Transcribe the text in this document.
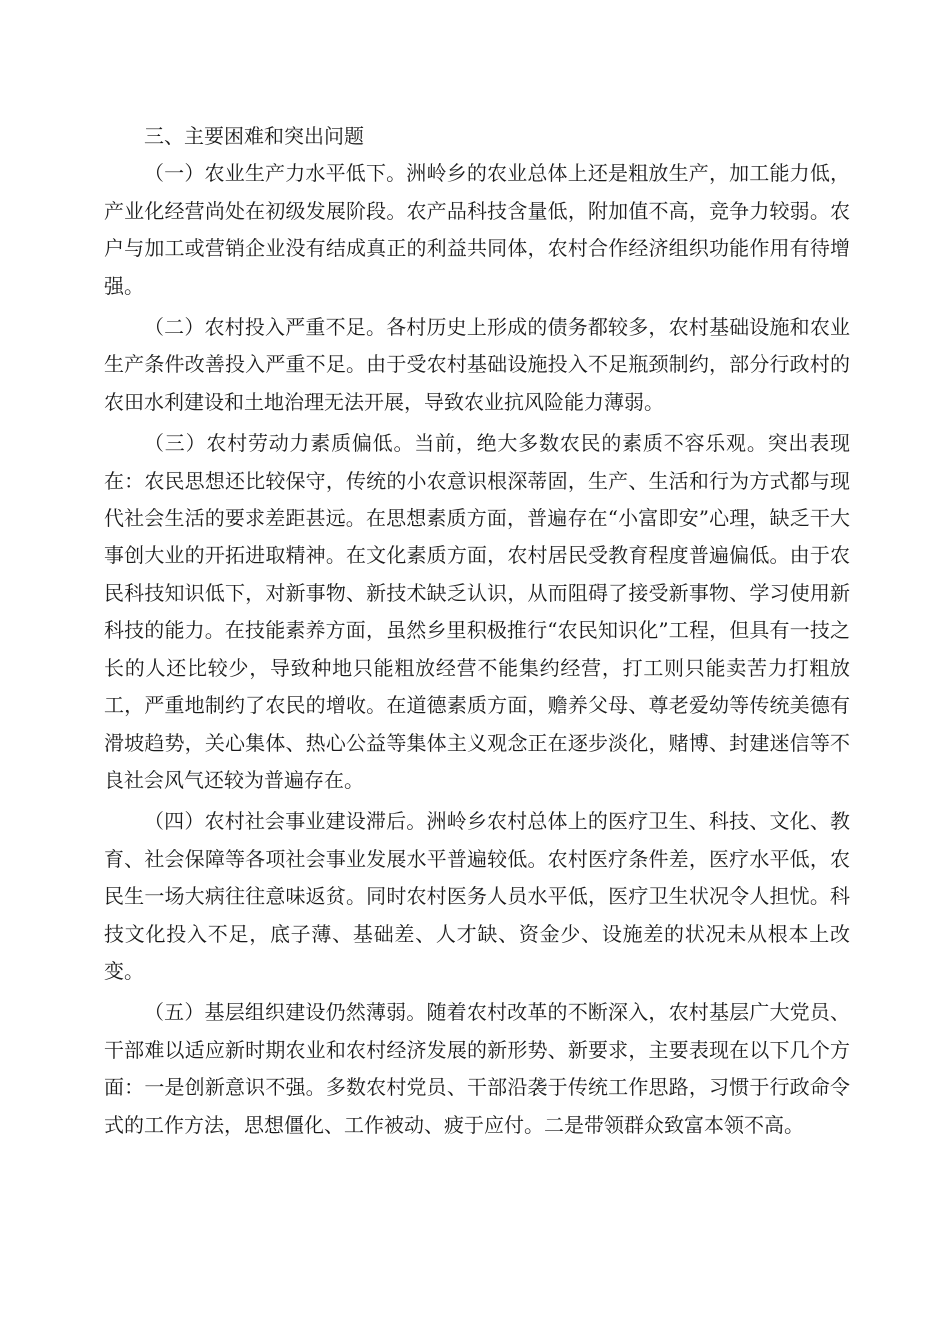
三、主要困难和突出问题

（一）农业生产力水平低下。洲岭乡的农业总体上还是粗放生产，加工能力低，产业化经营尚处在初级发展阶段。农产品科技含量低，附加值不高，竞争力较弱。农户与加工或营销企业没有结成真正的利益共同体，农村合作经济组织功能作用有待增强。

（二）农村投入严重不足。各村历史上形成的债务都较多，农村基础设施和农业生产条件改善投入严重不足。由于受农村基础设施投入不足瓶颈制约，部分行政村的农田水利建设和土地治理无法开展，导致农业抗风险能力薄弱。

（三）农村劳动力素质偏低。当前，绝大多数农民的素质不容乐观。突出表现在：农民思想还比较保守，传统的小农意识根深蒂固，生产、生活和行为方式都与现代社会生活的要求差距甚远。在思想素质方面，普遍存在“小富即安”心理，缺乏干大事创大业的开拓进取精神。在文化素质方面，农村居民受教育程度普遍偏低。由于农民科技知识低下，对新事物、新技术缺乏认识，从而阻碍了接受新事物、学习使用新科技的能力。在技能素养方面，虽然乡里积极推行“农民知识化”工程，但具有一技之长的人还比较少，导致种地只能粗放经营不能集约经营，打工则只能卖苦力打粗放工，严重地制约了农民的增收。在道德素质方面，赡养父母、尊老爱幼等传统美德有滑坡趋势，关心集体、热心公益等集体主义观念正在逐步淡化，赌博、封建迷信等不良社会风气还较为普遍存在。

（四）农村社会事业建设滞后。洲岭乡农村总体上的医疗卫生、科技、文化、教育、社会保障等各项社会事业发展水平普遍较低。农村医疗条件差，医疗水平低，农民生一场大病往往意味返贫。同时农村医务人员水平低，医疗卫生状况令人担忧。科技文化投入不足，底子薄、基础差、人才缺、资金少、设施差的状况未从根本上改变。

（五）基层组织建设仍然薄弱。随着农村改革的不断深入，农村基层广大党员、干部难以适应新时期农业和农村经济发展的新形势、新要求，主要表现在以下几个方面：一是创新意识不强。多数农村党员、干部沿袭于传统工作思路，习惯于行政命令式的工作方法，思想僵化、工作被动、疲于应付。二是带领群众致富本领不高。
